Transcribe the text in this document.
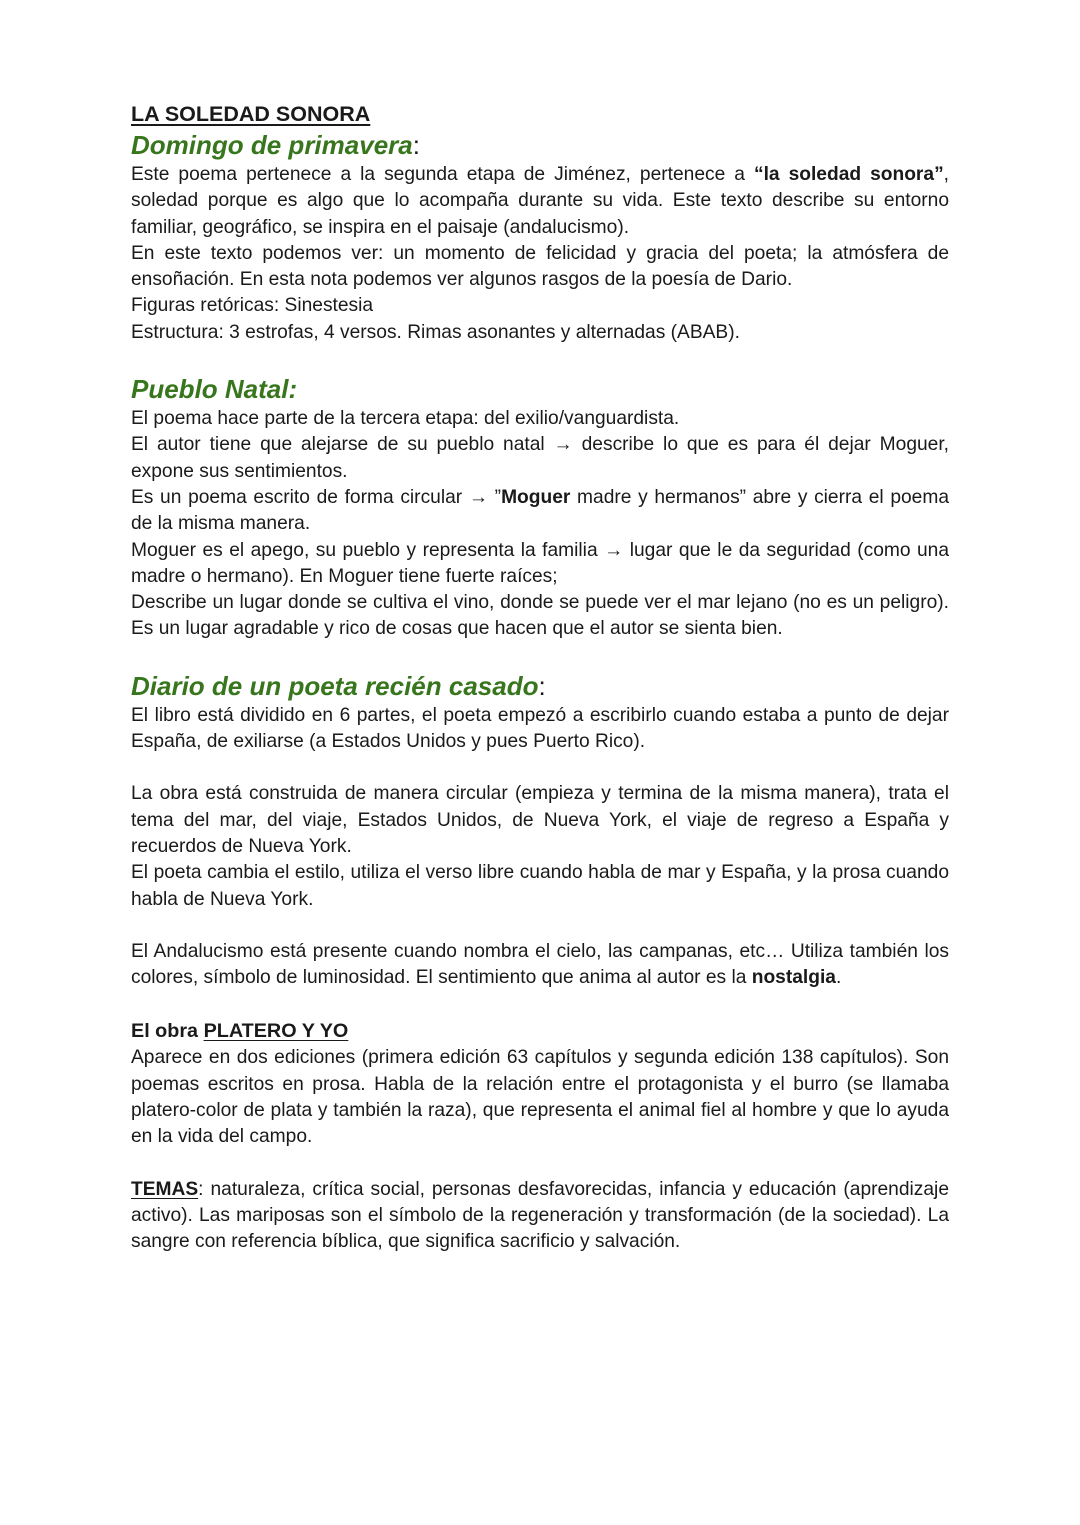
LA SOLEDAD SONORA
Domingo de primavera:

Este poema pertenece a la segunda etapa de Jiménez, pertenece a “la soledad sonora”, soledad porque es algo que lo acompaña durante su vida. Este texto describe su entorno familiar, geográfico, se inspira en el paisaje (andalucismo).

En este texto podemos ver: un momento de felicidad y gracia del poeta; la atmósfera de ensoñación. En esta nota podemos ver algunos rasgos de la poesía de Dario.

Figuras retóricas: Sinestesia

Estructura: 3 estrofas, 4 versos. Rimas asonantes y alternadas (ABAB).

Pueblo Natal:

El poema hace parte de la tercera etapa: del exilio/vanguardista.

El autor tiene que alejarse de su pueblo natal → describe lo que es para él dejar Moguer, expone sus sentimientos.

Es un poema escrito de forma circular → ”Moguer madre y hermanos” abre y cierra el poema de la misma manera.

Moguer es el apego, su pueblo y representa la familia → lugar que le da seguridad (como una madre o hermano). En Moguer tiene fuerte raíces;

Describe un lugar donde se cultiva el vino, donde se puede ver el mar lejano (no es un peligro). Es un lugar agradable y rico de cosas que hacen que el autor se sienta bien.

Diario de un poeta recién casado:

El libro está dividido en 6 partes, el poeta empezó a escribirlo cuando estaba a punto de dejar España, de exiliarse (a Estados Unidos y pues Puerto Rico).

La obra está construida de manera circular (empieza y termina de la misma manera), trata el tema del mar, del viaje, Estados Unidos, de Nueva York, el viaje de regreso a España y recuerdos de Nueva York.

El poeta cambia el estilo, utiliza el verso libre cuando habla de mar y España, y la prosa cuando habla de Nueva York.

El Andalucismo está presente cuando nombra el cielo, las campanas, etc… Utiliza también los colores, símbolo de luminosidad. El sentimiento que anima al autor es la nostalgia.

El obra PLATERO Y YO

Aparece en dos ediciones (primera edición 63 capítulos y segunda edición 138 capítulos). Son poemas escritos en prosa. Habla de la relación entre el protagonista y el burro (se llamaba platero-color de plata y también la raza), que representa el animal fiel al hombre y que lo ayuda en la vida del campo.

TEMAS: naturaleza, crítica social, personas desfavorecidas, infancia y educación (aprendizaje activo). Las mariposas son el símbolo de la regeneración y transformación (de la sociedad). La sangre con referencia bíblica, que significa sacrificio y salvación.
